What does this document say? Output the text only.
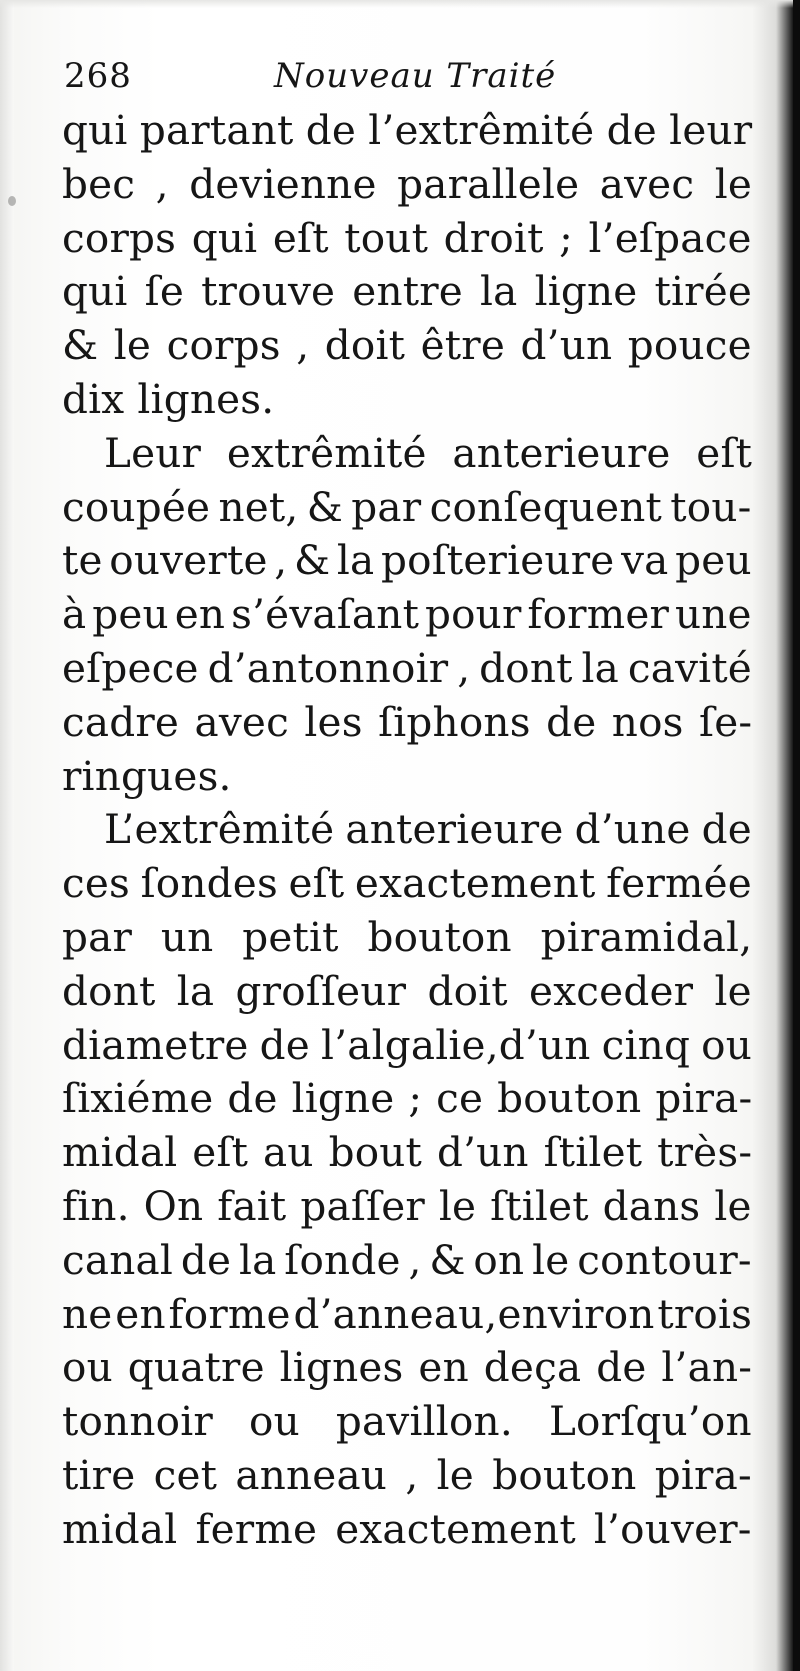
268	Nouveau Traité
qui partant de l’extrêmité de leur
bec , devienne parallele avec le
corps qui eſt tout droit ; l’eſpace
qui ſe trouve entre la ligne tirée
& le corps , doit être d’un pouce
dix lignes.
Leur extrêmité anterieure eſt
coupée net, & par conſequent tou-
te ouverte , & la poſterieure va peu
à peu en s’évaſant pour former une
eſpece d’antonnoir , dont la cavité
cadre avec les ſiphons de nos ſe-
ringues.
L’extrêmité anterieure d’une de
ces ſondes eſt exactement fermée
par un petit bouton piramidal,
dont la groſſeur doit exceder le
diametre de l’algalie,d’un cinq ou
ſixiéme de ligne ; ce bouton pira-
midal eſt au bout d’un ſtilet très-
fin. On fait paſſer le ſtilet dans le
canal de la ſonde , & on le contour-
ne en forme d’anneau,environ trois
ou quatre lignes en deça de l’an-
tonnoir ou pavillon. Lorſqu’on
tire cet anneau , le bouton pira-
midal ferme exactement l’ouver-
